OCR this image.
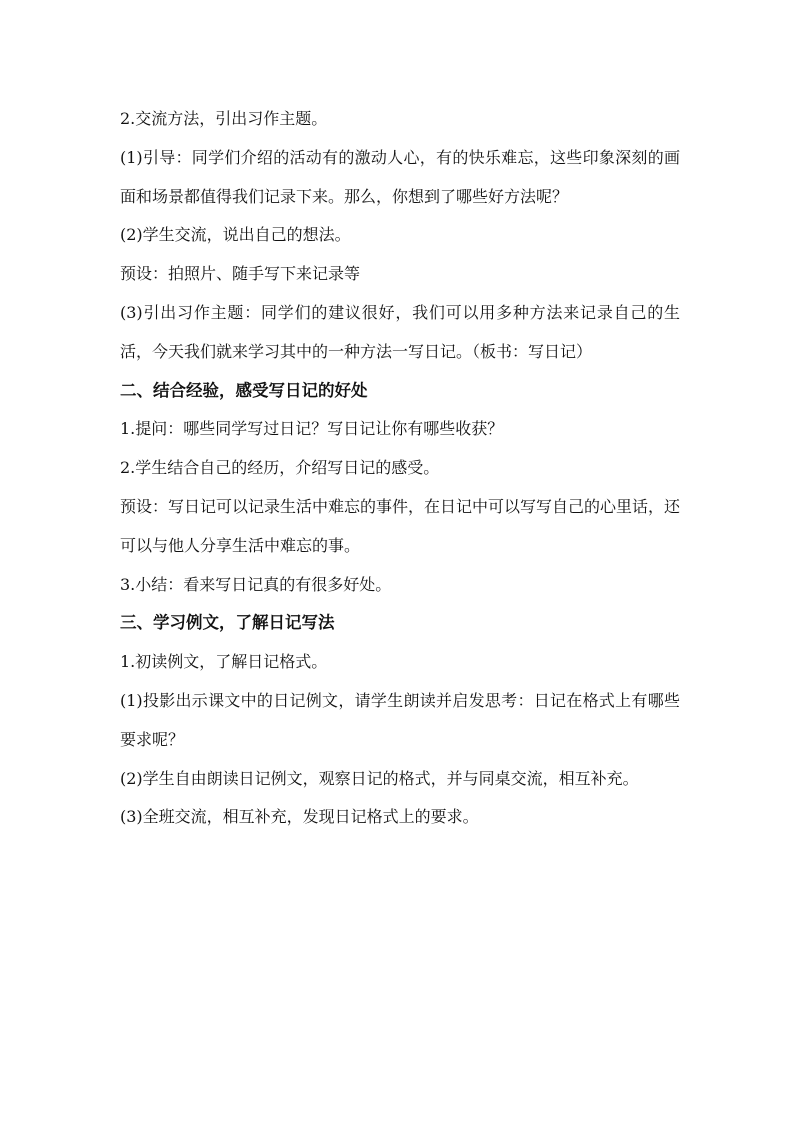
2.交流方法，引出习作主题。

(1)引导：同学们介绍的活动有的激动人心，有的快乐难忘，这些印象深刻的画面和场景都值得我们记录下来。那么，你想到了哪些好方法呢？

(2)学生交流，说出自己的想法。

预设：拍照片、随手写下来记录等

(3)引出习作主题：同学们的建议很好，我们可以用多种方法来记录自己的生活，今天我们就来学习其中的一种方法一写日记。（板书：写日记）

二、结合经验，感受写日记的好处

1.提问：哪些同学写过日记？写日记让你有哪些收获？

2.学生结合自己的经历，介绍写日记的感受。

预设：写日记可以记录生活中难忘的事件，在日记中可以写写自己的心里话，还可以与他人分享生活中难忘的事。

3.小结：看来写日记真的有很多好处。

三、学习例文，了解日记写法

1.初读例文，了解日记格式。

(1)投影出示课文中的日记例文，请学生朗读并启发思考：日记在格式上有哪些要求呢？

(2)学生自由朗读日记例文，观察日记的格式，并与同桌交流，相互补充。

(3)全班交流，相互补充，发现日记格式上的要求。
